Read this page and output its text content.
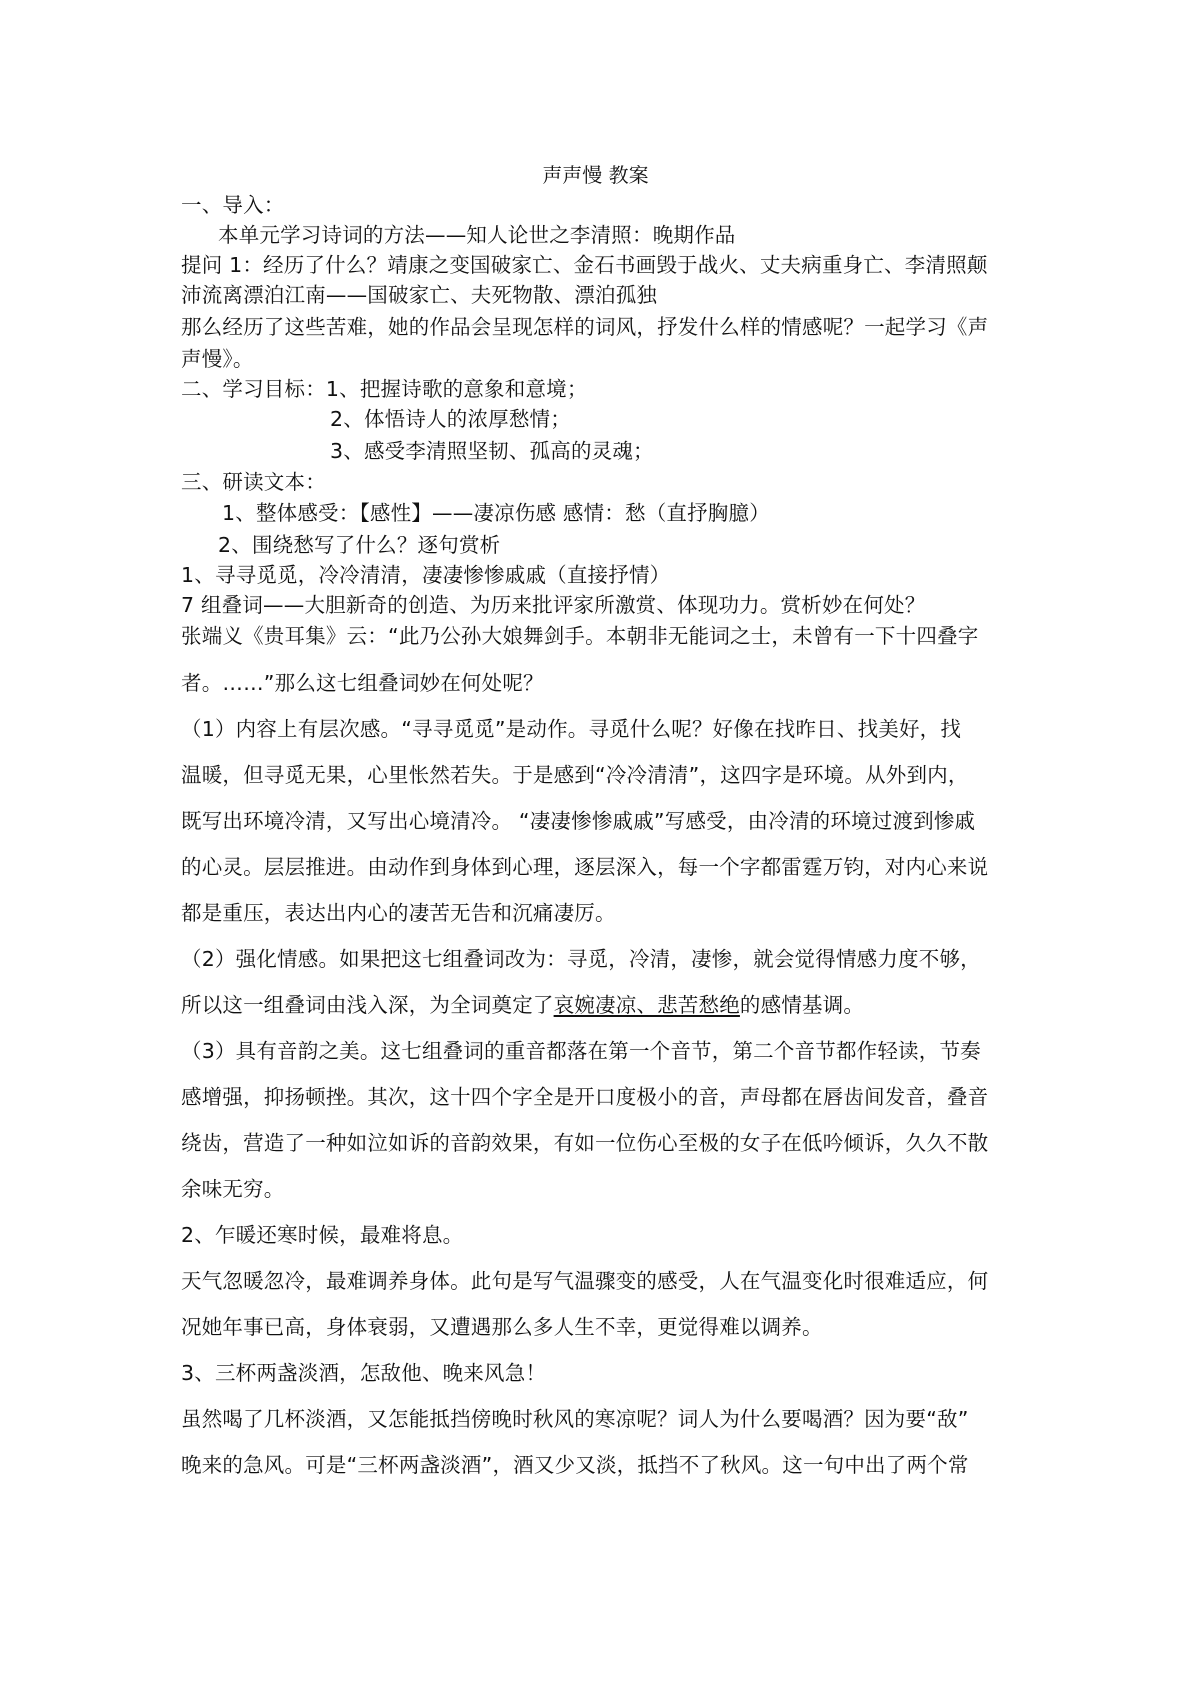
声声慢 教案
一、导入：
本单元学习诗词的方法——知人论世之李清照：晚期作品
提问 1：经历了什么？靖康之变国破家亡、金石书画毁于战火、丈夫病重身亡、李清照颠
沛流离漂泊江南——国破家亡、夫死物散、漂泊孤独
那么经历了这些苦难，她的作品会呈现怎样的词风，抒发什么样的情感呢？一起学习《声
声慢》。
二、学习目标：1、把握诗歌的意象和意境；
2、体悟诗人的浓厚愁情；
3、感受李清照坚韧、孤高的灵魂；
三、研读文本：
1、整体感受：【感性】——凄凉伤感 感情：愁（直抒胸臆）
2、围绕愁写了什么？逐句赏析
1、寻寻觅觅，冷冷清清，凄凄惨惨戚戚（直接抒情）
7 组叠词——大胆新奇的创造、为历来批评家所激赏、体现功力。赏析妙在何处？
张端义《贵耳集》云：“此乃公孙大娘舞剑手。本朝非无能词之士，未曾有一下十四叠字
者。……”那么这七组叠词妙在何处呢？
（1）内容上有层次感。“寻寻觅觅”是动作。寻觅什么呢？好像在找昨日、找美好，找
温暖，但寻觅无果，心里怅然若失。于是感到“冷冷清清”，这四字是环境。从外到内，
既写出环境冷清，又写出心境清冷。 “凄凄惨惨戚戚”写感受，由冷清的环境过渡到惨戚
的心灵。层层推进。由动作到身体到心理，逐层深入，每一个字都雷霆万钧，对内心来说
都是重压，表达出内心的凄苦无告和沉痛凄厉。
（2）强化情感。如果把这七组叠词改为：寻觅，冷清，凄惨，就会觉得情感力度不够，
所以这一组叠词由浅入深，为全词奠定了哀婉凄凉、悲苦愁绝的感情基调。
（3）具有音韵之美。这七组叠词的重音都落在第一个音节，第二个音节都作轻读，节奏
感增强，抑扬顿挫。其次，这十四个字全是开口度极小的音，声母都在唇齿间发音，叠音
绕齿，营造了一种如泣如诉的音韵效果，有如一位伤心至极的女子在低吟倾诉，久久不散
余味无穷。
2、乍暖还寒时候，最难将息。
天气忽暖忽冷，最难调养身体。此句是写气温骤变的感受，人在气温变化时很难适应，何
况她年事已高，身体衰弱，又遭遇那么多人生不幸，更觉得难以调养。
3、三杯两盏淡酒，怎敌他、晚来风急！
虽然喝了几杯淡酒，又怎能抵挡傍晚时秋风的寒凉呢？词人为什么要喝酒？因为要“敌”
晚来的急风。可是“三杯两盏淡酒”，酒又少又淡，抵挡不了秋风。这一句中出了两个常
